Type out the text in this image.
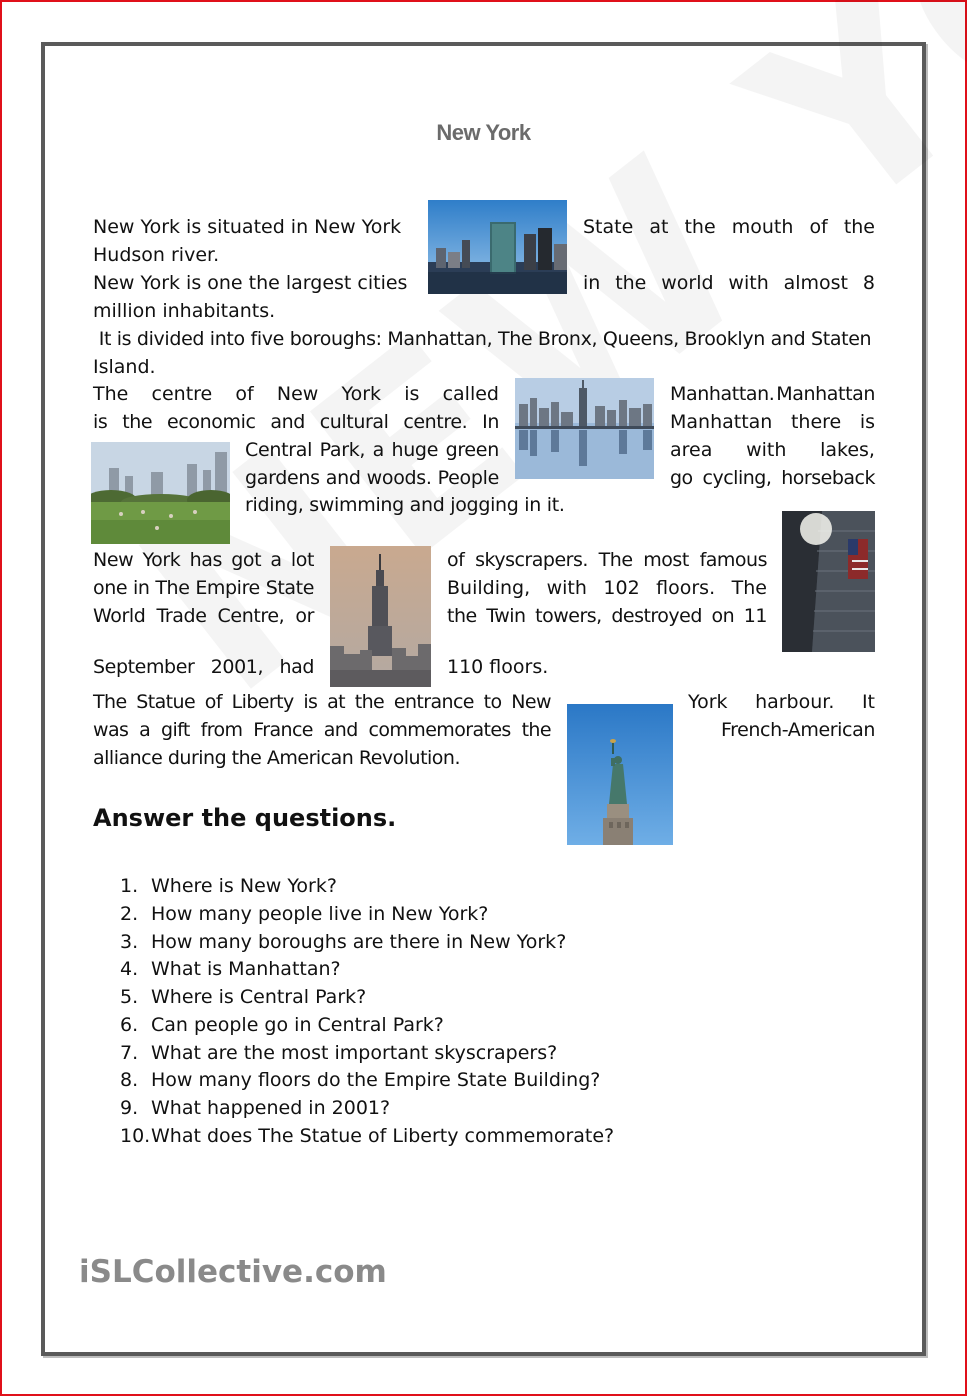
New York
New York is situated in New York	State at the mouth of the
Hudson river.
New York is one the largest cities	in the world with almost 8
million inhabitants.
It is divided into five boroughs: Manhattan, The Bronx, Queens, Brooklyn and Staten
Island.
The centre of New York is called	Manhattan. Manhattan
is the economic and cultural centre. In	Manhattan there is
Central Park, a huge green	area with lakes,
gardens and woods. People	go cycling, horseback
riding, swimming and jogging in it.
New York has got a lot	of skyscrapers. The most famous
one in The Empire State	Building, with 102 floors. The
World Trade Centre, or	the Twin towers, destroyed on 11
September 2001, had	110 floors.
The Statue of Liberty is at the entrance to New	York harbour. It
was a gift from France and commemorates the	French-American
alliance during the American Revolution.
Answer the questions.
1. Where is New York?
2. How many people live in New York?
3. How many boroughs are there in New York?
4. What is Manhattan?
5. Where is Central Park?
6. Can people go in Central Park?
7. What are the most important skyscrapers?
8. How many floors do the Empire State Building?
9. What happened in 2001?
10.What does The Statue of Liberty commemorate?
iSLCollective.com
